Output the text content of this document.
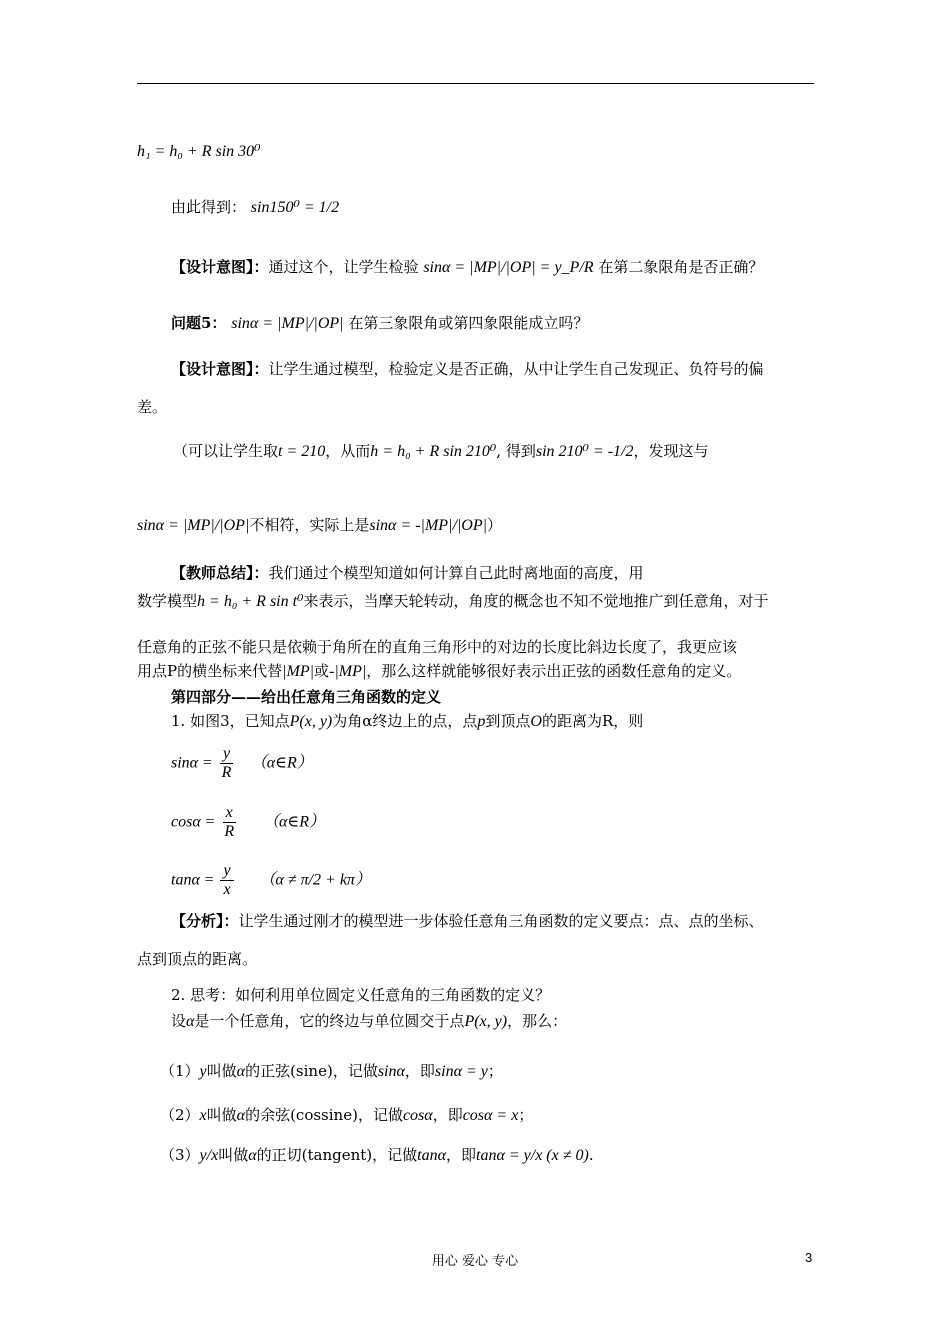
h₁ = h₀ + R sin 30⁰
由此得到： sin150⁰ = 1/2
【设计意图】：通过这个，让学生检验 sinα = |MP|/|OP| = y_P/R 在第二象限角是否正确？
问题5： sinα = |MP|/|OP| 在第三象限角或第四象限能成立吗？
【设计意图】：让学生通过模型，检验定义是否正确，从中让学生自己发现正、负符号的偏
差。
（可以让学生取t = 210，从而h = h₀ + R sin 210⁰, 得到sin 210⁰ = -1/2，发现这与
sinα = |MP|/|OP|不相符，实际上是sinα = -|MP|/|OP|）
【教师总结】：我们通过个模型知道如何计算自己此时离地面的高度，用
数学模型h = h₀ + R sin t⁰来表示，当摩天轮转动，角度的概念也不知不觉地推广到任意角，对于
任意角的正弦不能只是依赖于角所在的直角三角形中的对边的长度比斜边长度了，我更应该
用点P的横坐标来代替|MP|或-|MP|，那么这样就能够很好表示出正弦的函数任意角的定义。
第四部分——给出任意角三角函数的定义
1. 如图3，已知点P(x, y)为角α终边上的点，点p到顶点O的距离为R，则
$\sin\alpha = \frac{y}{R}$ （α∈R）
$\cos\alpha = \frac{x}{R}$ （α∈R）
$\tan\alpha = \frac{y}{x} (\alpha \ne \pi/2 + k\pi)$
【分析】：让学生通过刚才的模型进一步体验任意角三角函数的定义要点：点、点的坐标、
点到顶点的距离。
2. 思考：如何利用单位圆定义任意角的三角函数的定义？
设α是一个任意角，它的终边与单位圆交于点P(x, y)，那么：
（1）y叫做α的正弦(sine)，记做sinα，即sinα = y；
（2）x叫做α的余弦(cossine)，记做cosα，即cosα = x；
（3）y/x叫做α的正切(tangent)，记做tanα，即tanα = y/x (x ≠ 0).
用心 爱心 专心	3
